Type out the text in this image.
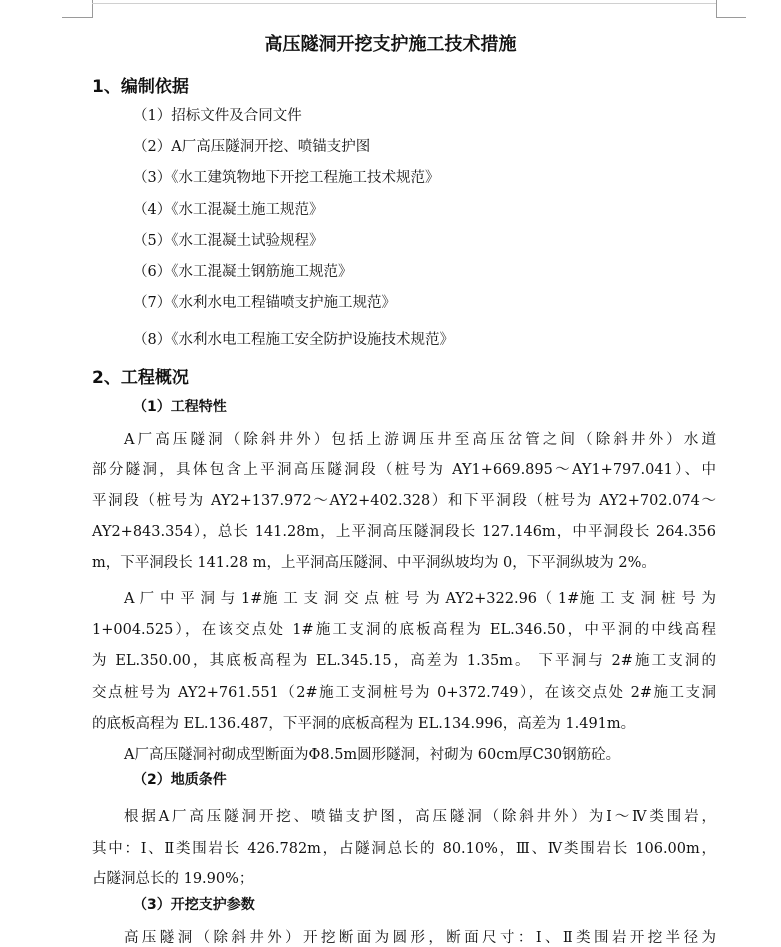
高压隧洞开挖支护施工技术措施
1、编制依据
（1）招标文件及合同文件
（2）A厂高压隧洞开挖、喷锚支护图
（3）《水工建筑物地下开挖工程施工技术规范》
（4）《水工混凝土施工规范》
（5）《水工混凝土试验规程》
（6）《水工混凝土钢筋施工规范》
（7）《水利水电工程锚喷支护施工规范》
（8）《水利水电工程施工安全防护设施技术规范》
2、工程概况
（1）工程特性
A厂高压隧洞（除斜井外）包括上游调压井至高压岔管之间（除斜井外）水道
部分隧洞，具体包含上平洞高压隧洞段（桩号为 AY1+669.895～AY1+797.041）、中
平洞段（桩号为 AY2+137.972～AY2+402.328）和下平洞段（桩号为 AY2+702.074～
AY2+843.354），总长 141.28m，上平洞高压隧洞段长 127.146m，中平洞段长 264.356
m，下平洞段长 141.28 m，上平洞高压隧洞、中平洞纵坡均为 0，下平洞纵坡为 2%。
A 厂 中 平 洞 与 1#施 工 支 洞 交 点 桩 号 为 AY2+322.96（ 1#施 工 支 洞 桩 号 为
1+004.525），在该交点处 1#施工支洞的底板高程为 EL.346.50，中平洞的中线高程
为 EL.350.00，其底板高程为 EL.345.15，高差为 1.35m。 下平洞与 2#施工支洞的
交点桩号为 AY2+761.551（2#施工支洞桩号为 0+372.749），在该交点处 2#施工支洞
的底板高程为 EL.136.487，下平洞的底板高程为 EL.134.996，高差为 1.491m。
A厂高压隧洞衬砌成型断面为Φ8.5m圆形隧洞，衬砌为 60cm厚C30钢筋砼。
（2）地质条件
根据A厂高压隧洞开挖、喷锚支护图，高压隧洞（除斜井外）为Ⅰ～Ⅳ类围岩，
其中：Ⅰ、Ⅱ类围岩长 426.782m，占隧洞总长的 80.10%，Ⅲ、Ⅳ类围岩长 106.00m，
占隧洞总长的 19.90%；
（3）开挖支护参数
高压隧洞（除斜井外）开挖断面为圆形，断面尺寸：Ⅰ、Ⅱ类围岩开挖半径为
